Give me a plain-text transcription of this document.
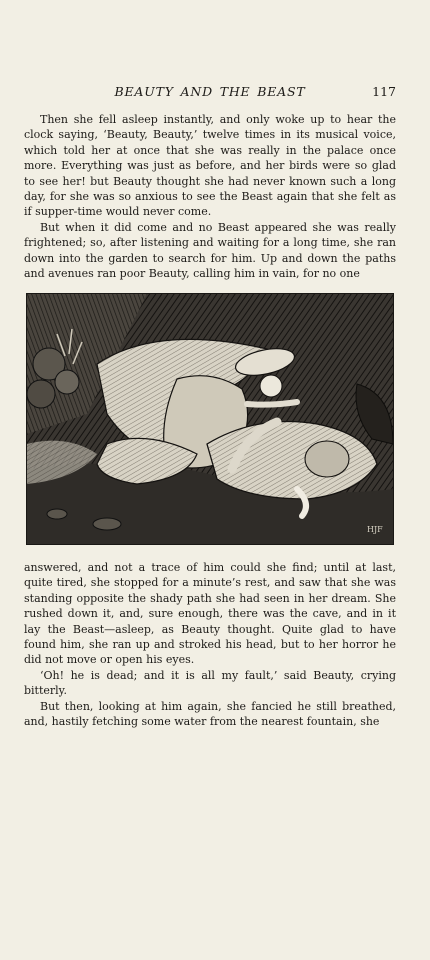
BEAUTY AND THE BEAST	117

Then she fell asleep instantly, and only woke up to hear the clock saying, ‘Beauty, Beauty,’ twelve times in its musical voice, which told her at once that she was really in the palace once more. Everything was just as before, and her birds were so glad to see her! but Beauty thought she had never known such a long day, for she was so anxious to see the Beast again that she felt as if supper-time would never come.

But when it did come and no Beast appeared she was really frightened; so, after listening and waiting for a long time, she ran down into the garden to search for him. Up and down the paths and avenues ran poor Beauty, calling him in vain, for no one

HJF

answered, and not a trace of him could she find; until at last, quite tired, she stopped for a minute’s rest, and saw that she was standing opposite the shady path she had seen in her dream. She rushed down it, and, sure enough, there was the cave, and in it lay the Beast—asleep, as Beauty thought. Quite glad to have found him, she ran up and stroked his head, but to her horror he did not move or open his eyes.

‘Oh! he is dead; and it is all my fault,’ said Beauty, crying bitterly.

But then, looking at him again, she fancied he still breathed, and, hastily fetching some water from the nearest fountain, she
